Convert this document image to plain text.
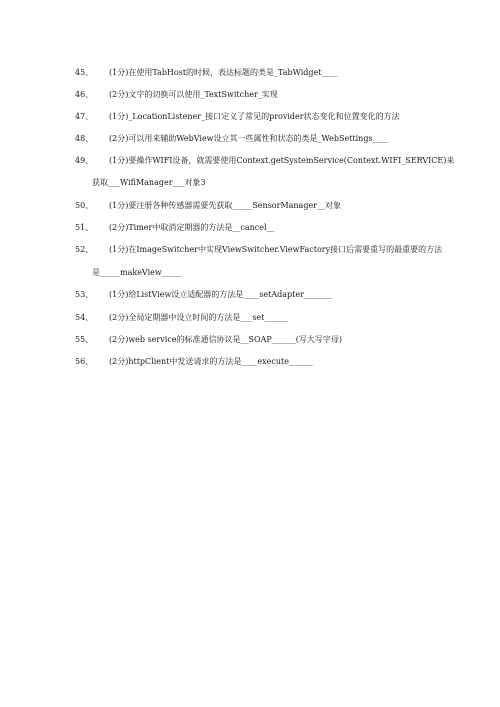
45、 (1分)在使用TabHost的时候，表达标题的类是_TabWidget____
46、 (2分)文字的切换可以使用_TextSwitcher_实现
47、 (1分)_LocationListener_接口定义了常见的provider状态变化和位置变化的方法
48、 (2分)可以用来辅助WebView设立其一些属性和状态的类是_WebSettings____
49、 (1分)要操作WIFI设备，就需要使用Context.getSystemService(Context.WIFI_SERVICE)来
获取___WifiManager___对象3
50、 (1分)要注册各种传感器需要先获取_____SensorManager__对象
51、 (2分)Timer中取消定期器的方法是__cancel__
52、 (1分)在ImageSwitcher中实现ViewSwitcher.ViewFactory接口后需要重写的最重要的方法
是_____makeView_____
53、 (1分)给ListView设立适配器的方法是____setAdapter_______
54、 (2分)全局定期器中设立时间的方法是___set______
55、 (2分)web service的标准通信协议是__SOAP______(写大写字母)
56、 (2分)httpClient中发送请求的方法是____execute______
